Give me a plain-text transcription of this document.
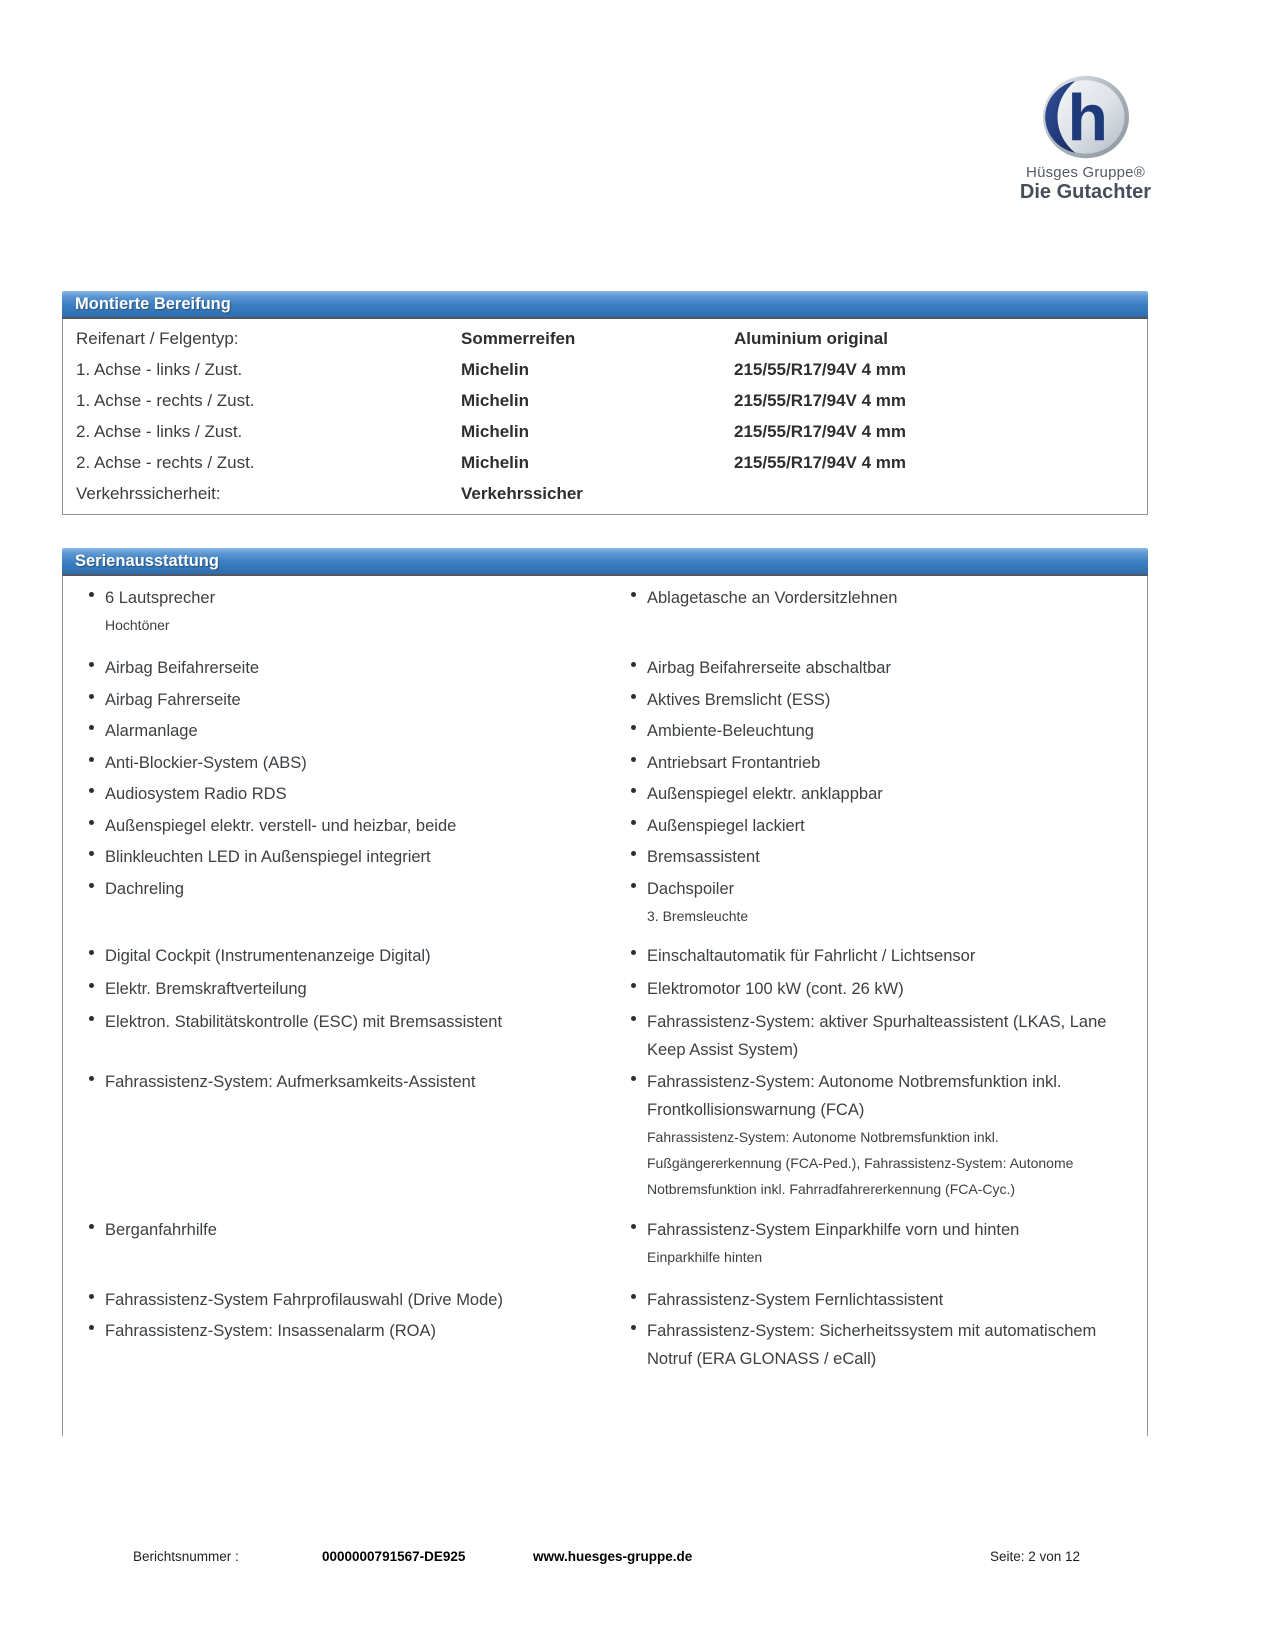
h
Hüsges Gruppe®
Die Gutachter
Montierte Bereifung
Reifenart / Felgentyp:	Sommerreifen	Aluminium original
1. Achse - links / Zust.	Michelin	215/55/R17/94V 4 mm
1. Achse - rechts / Zust.	Michelin	215/55/R17/94V 4 mm
2. Achse - links / Zust.	Michelin	215/55/R17/94V 4 mm
2. Achse - rechts / Zust.	Michelin	215/55/R17/94V 4 mm
Verkehrssicherheit:	Verkehrssicher
Serienausstattung
6 Lautsprecher
Hochtöner
Ablagetasche an Vordersitzlehnen
Airbag Beifahrerseite	Airbag Beifahrerseite abschaltbar
Airbag Fahrerseite	Aktives Bremslicht (ESS)
Alarmanlage	Ambiente-Beleuchtung
Anti-Blockier-System (ABS)	Antriebsart Frontantrieb
Audiosystem Radio RDS	Außenspiegel elektr. anklappbar
Außenspiegel elektr. verstell- und heizbar, beide	Außenspiegel lackiert
Blinkleuchten LED in Außenspiegel integriert	Bremsassistent
Dachreling	Dachspoiler
3. Bremsleuchte
Digital Cockpit (Instrumentenanzeige Digital)	Einschaltautomatik für Fahrlicht / Lichtsensor
Elektr. Bremskraftverteilung	Elektromotor 100 kW (cont. 26 kW)
Elektron. Stabilitätskontrolle (ESC) mit Bremsassistent	Fahrassistenz-System: aktiver Spurhalteassistent (LKAS, Lane Keep Assist System)
Fahrassistenz-System: Aufmerksamkeits-Assistent	Fahrassistenz-System: Autonome Notbremsfunktion inkl. Frontkollisionswarnung (FCA)
Fahrassistenz-System: Autonome Notbremsfunktion inkl. Fußgängererkennung (FCA-Ped.), Fahrassistenz-System: Autonome Notbremsfunktion inkl. Fahrradfahrererkennung (FCA-Cyc.)
Berganfahrhilfe	Fahrassistenz-System Einparkhilfe vorn und hinten
Einparkhilfe hinten
Fahrassistenz-System Fahrprofilauswahl (Drive Mode)	Fahrassistenz-System Fernlichtassistent
Fahrassistenz-System: Insassenalarm (ROA)	Fahrassistenz-System: Sicherheitssystem mit automatischem Notruf (ERA GLONASS / eCall)
Berichtsnummer :	0000000791567-DE925	www.huesges-gruppe.de	Seite: 2 von 12
